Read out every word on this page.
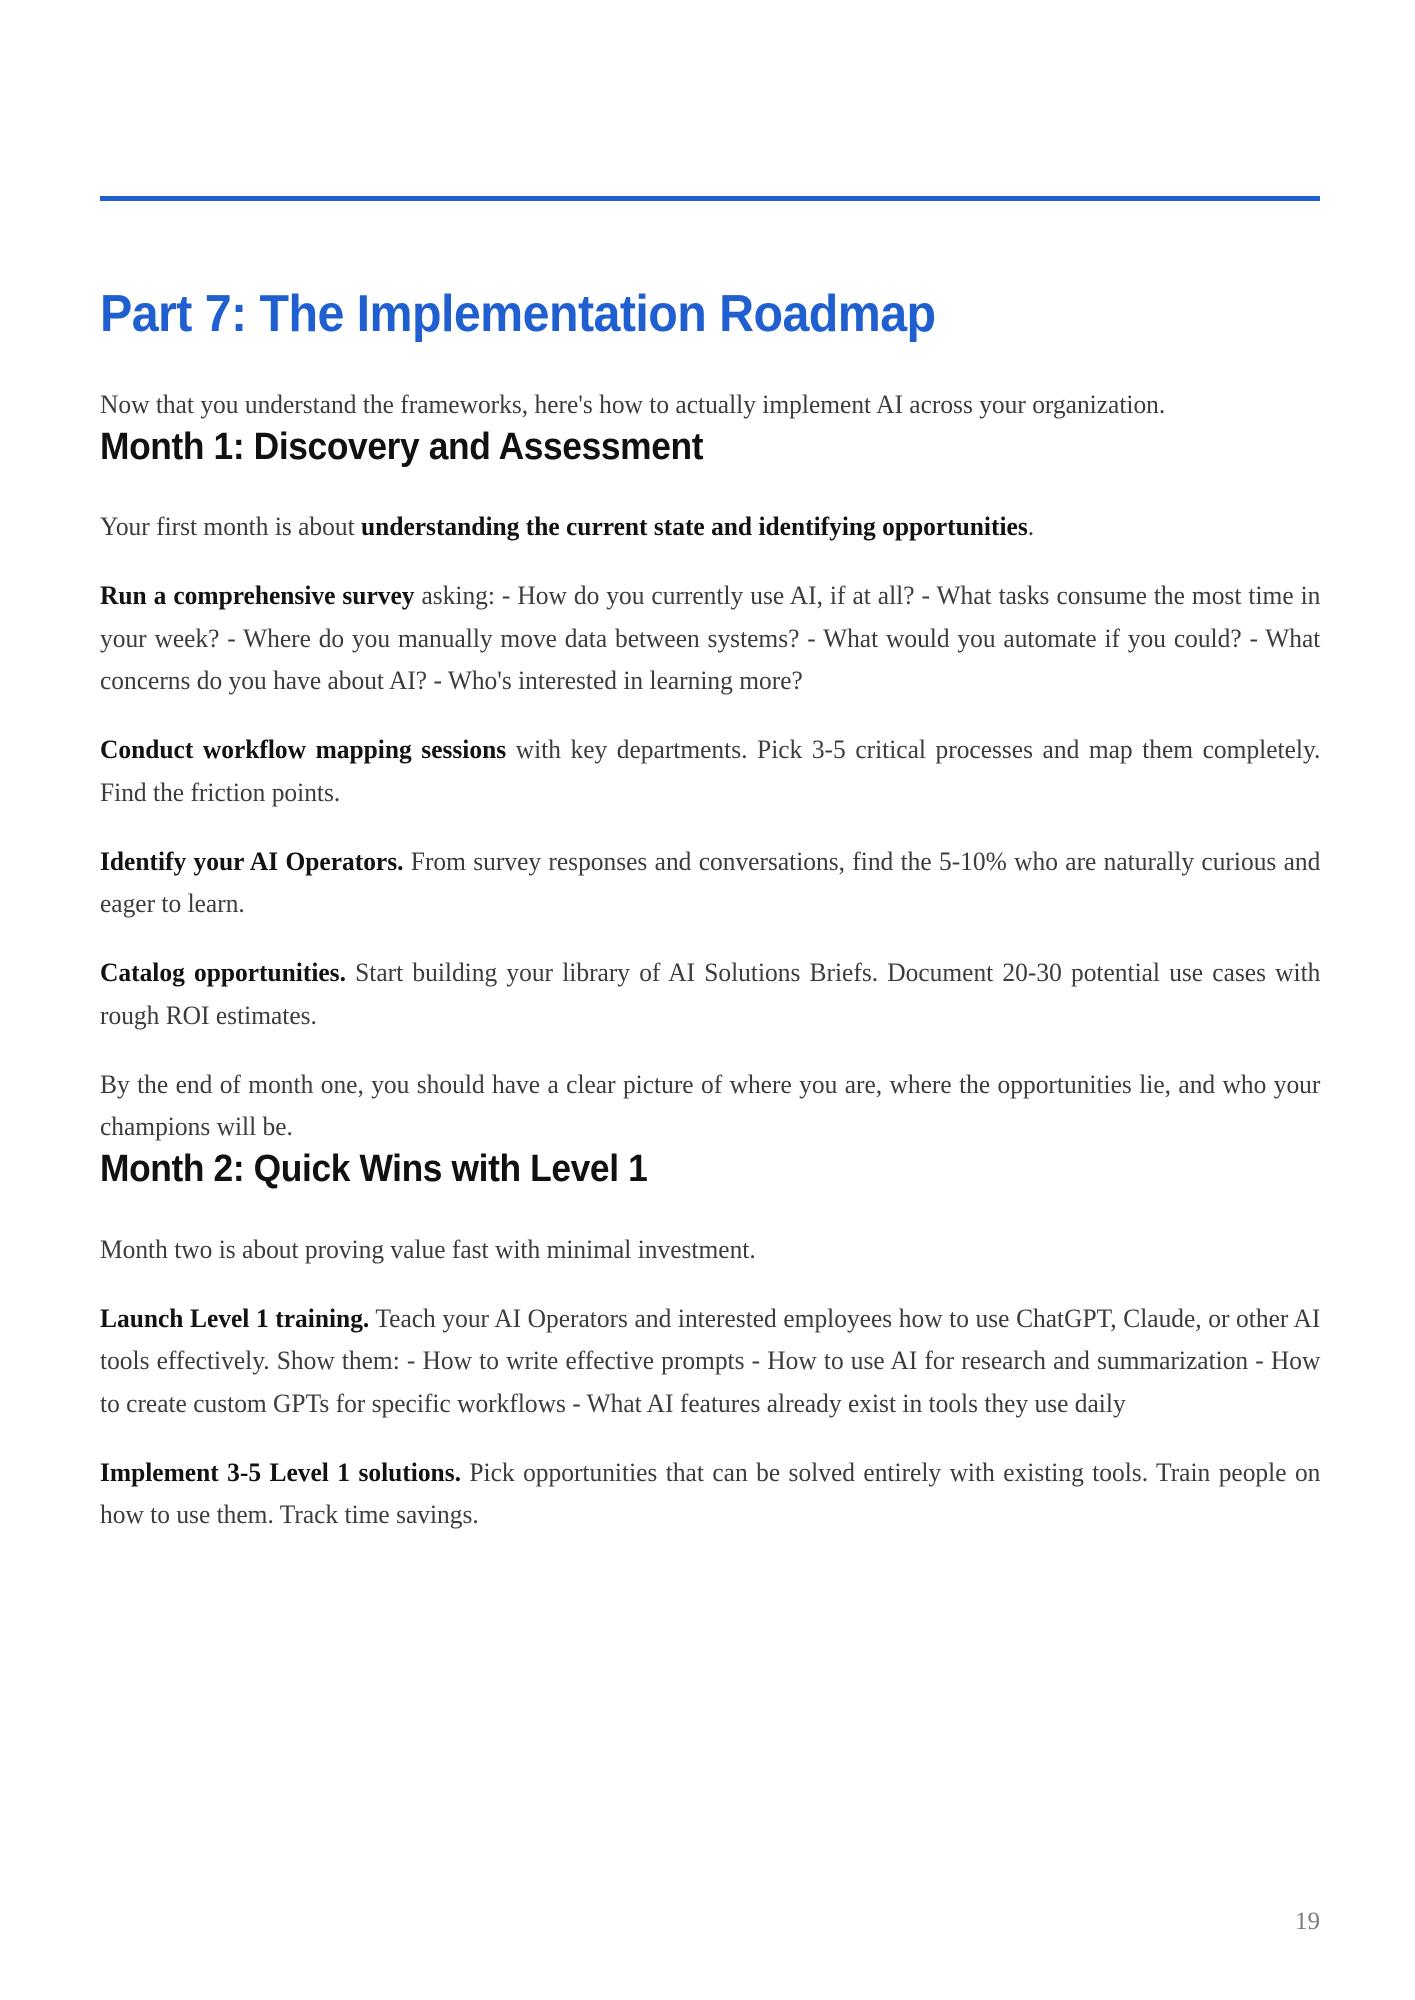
Part 7: The Implementation Roadmap

Now that you understand the frameworks, here's how to actually implement AI across your organization.

Month 1: Discovery and Assessment

Your first month is about understanding the current state and identifying opportunities.

Run a comprehensive survey asking: - How do you currently use AI, if at all? - What tasks consume the most time in your week? - Where do you manually move data between systems? - What would you automate if you could? - What concerns do you have about AI? - Who's interested in learning more?

Conduct workflow mapping sessions with key departments. Pick 3-5 critical processes and map them completely. Find the friction points.

Identify your AI Operators. From survey responses and conversations, find the 5-10% who are naturally curious and eager to learn.

Catalog opportunities. Start building your library of AI Solutions Briefs. Document 20-30 potential use cases with rough ROI estimates.

By the end of month one, you should have a clear picture of where you are, where the opportunities lie, and who your champions will be.

Month 2: Quick Wins with Level 1

Month two is about proving value fast with minimal investment.

Launch Level 1 training. Teach your AI Operators and interested employees how to use ChatGPT, Claude, or other AI tools effectively. Show them: - How to write effective prompts - How to use AI for research and summarization - How to create custom GPTs for specific workflows - What AI features already exist in tools they use daily

Implement 3-5 Level 1 solutions. Pick opportunities that can be solved entirely with existing tools. Train people on how to use them. Track time savings.

19
